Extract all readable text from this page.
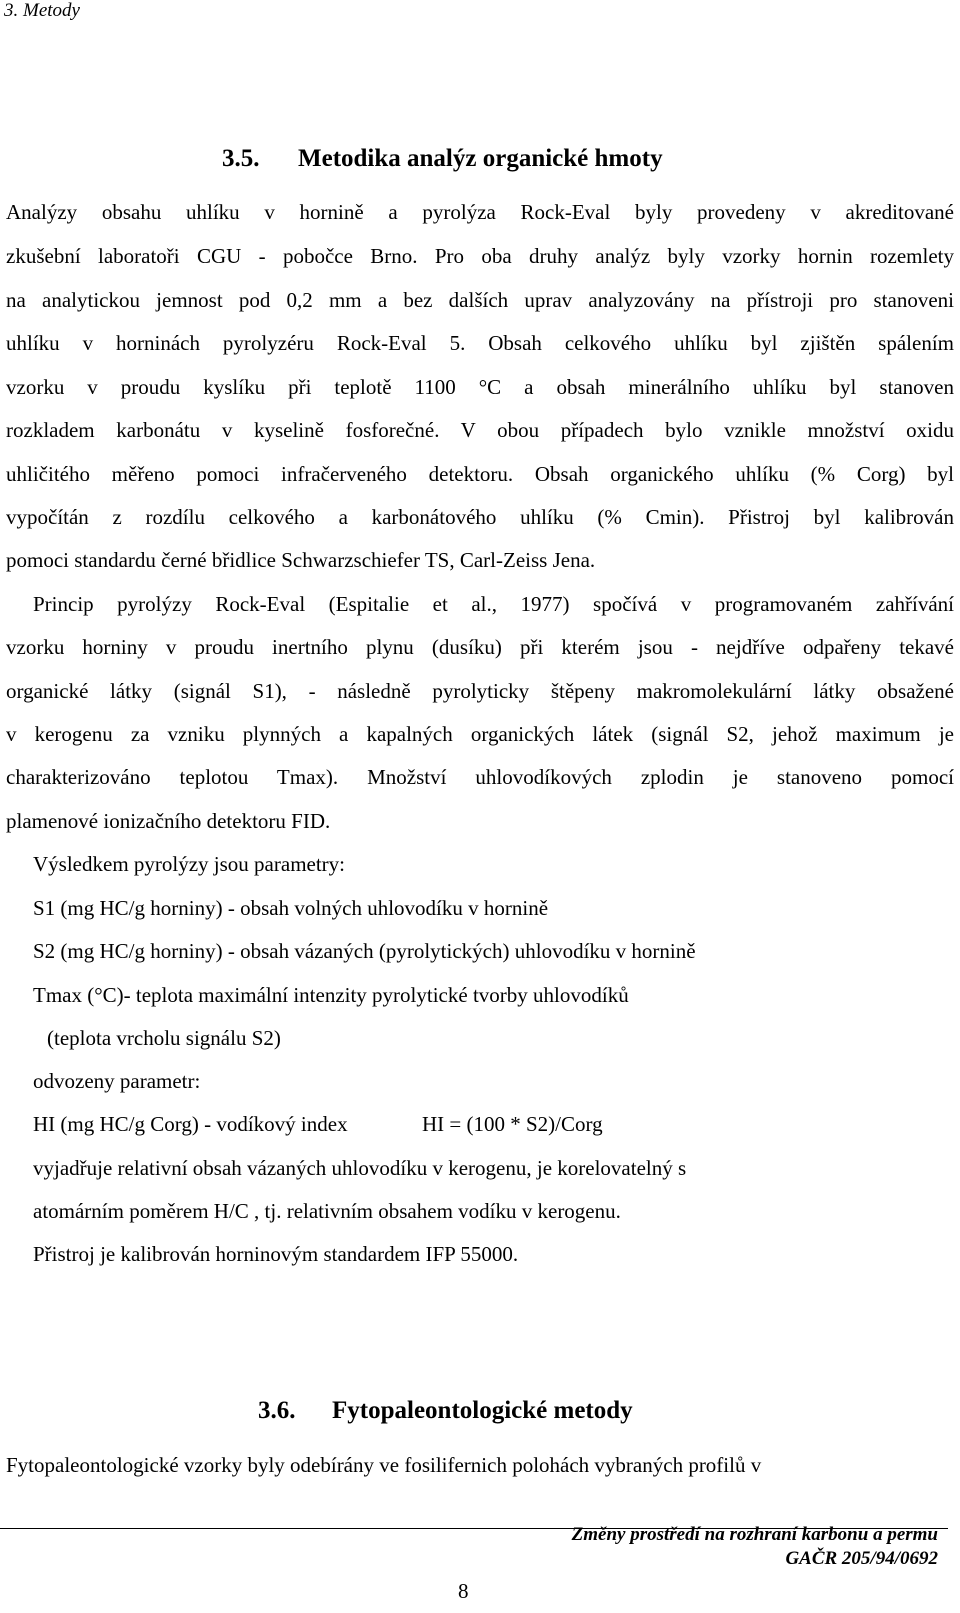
3. Metody
3.5. Metodika analýz organické hmoty
Analýzy obsahu uhlíku v hornině a pyrolýza Rock-Eval byly provedeny v akreditované
zkušební laboratoři CGU - pobočce Brno. Pro oba druhy analýz byly vzorky hornin rozemlety
na analytickou jemnost pod 0,2 mm a bez dalších uprav analyzovány na přístroji pro stanoveni
uhlíku v horninách pyrolyzéru Rock-Eval 5. Obsah celkového uhlíku byl zjištěn spálením
vzorku v proudu kyslíku při teplotě 1100 °C a obsah minerálního uhlíku byl stanoven
rozkladem karbonátu v kyselině fosforečné. V obou případech bylo vznikle množství oxidu
uhličitého měřeno pomoci infračerveného detektoru. Obsah organického uhlíku (% Corg) byl
vypočítán z rozdílu celkového a karbonátového uhlíku (% Cmin). Přistroj byl kalibrován
pomoci standardu černé břidlice Schwarzschiefer TS, Carl-Zeiss Jena.
Princip pyrolýzy Rock-Eval (Espitalie et al., 1977) spočívá v programovaném zahřívání
vzorku horniny v proudu inertního plynu (dusíku) při kterém jsou - nejdříve odpařeny tekavé
organické látky (signál S1), - následně pyrolyticky štěpeny makromolekulární látky obsažené
v kerogenu za vzniku plynných a kapalných organických látek (signál S2, jehož maximum je
charakterizováno teplotou Tmax). Množství uhlovodíkových zplodin je stanoveno pomocí
plamenové ionizačního detektoru FID.
Výsledkem pyrolýzy jsou parametry:
S1 (mg HC/g horniny) - obsah volných uhlovodíku v hornině
S2 (mg HC/g horniny) - obsah vázaných (pyrolytických) uhlovodíku v hornině
Tmax (°C)- teplota maximální intenzity pyrolytické tvorby uhlovodíků
(teplota vrcholu signálu S2)
odvozeny parametr:
HI (mg HC/g Corg) - vodíkový index	HI = (100 * S2)/Corg
vyjadřuje relativní obsah vázaných uhlovodíku v kerogenu, je korelovatelný s
atomárním poměrem H/C , tj. relativním obsahem vodíku v kerogenu.
Přistroj je kalibrován horninovým standardem IFP 55000.
3.6. Fytopaleontologické metody
Fytopaleontologické vzorky byly odebírány ve fosilifernich polohách vybraných profilů v
Změny prostředí na rozhraní karbonu a permu
GAČR 205/94/0692
8
